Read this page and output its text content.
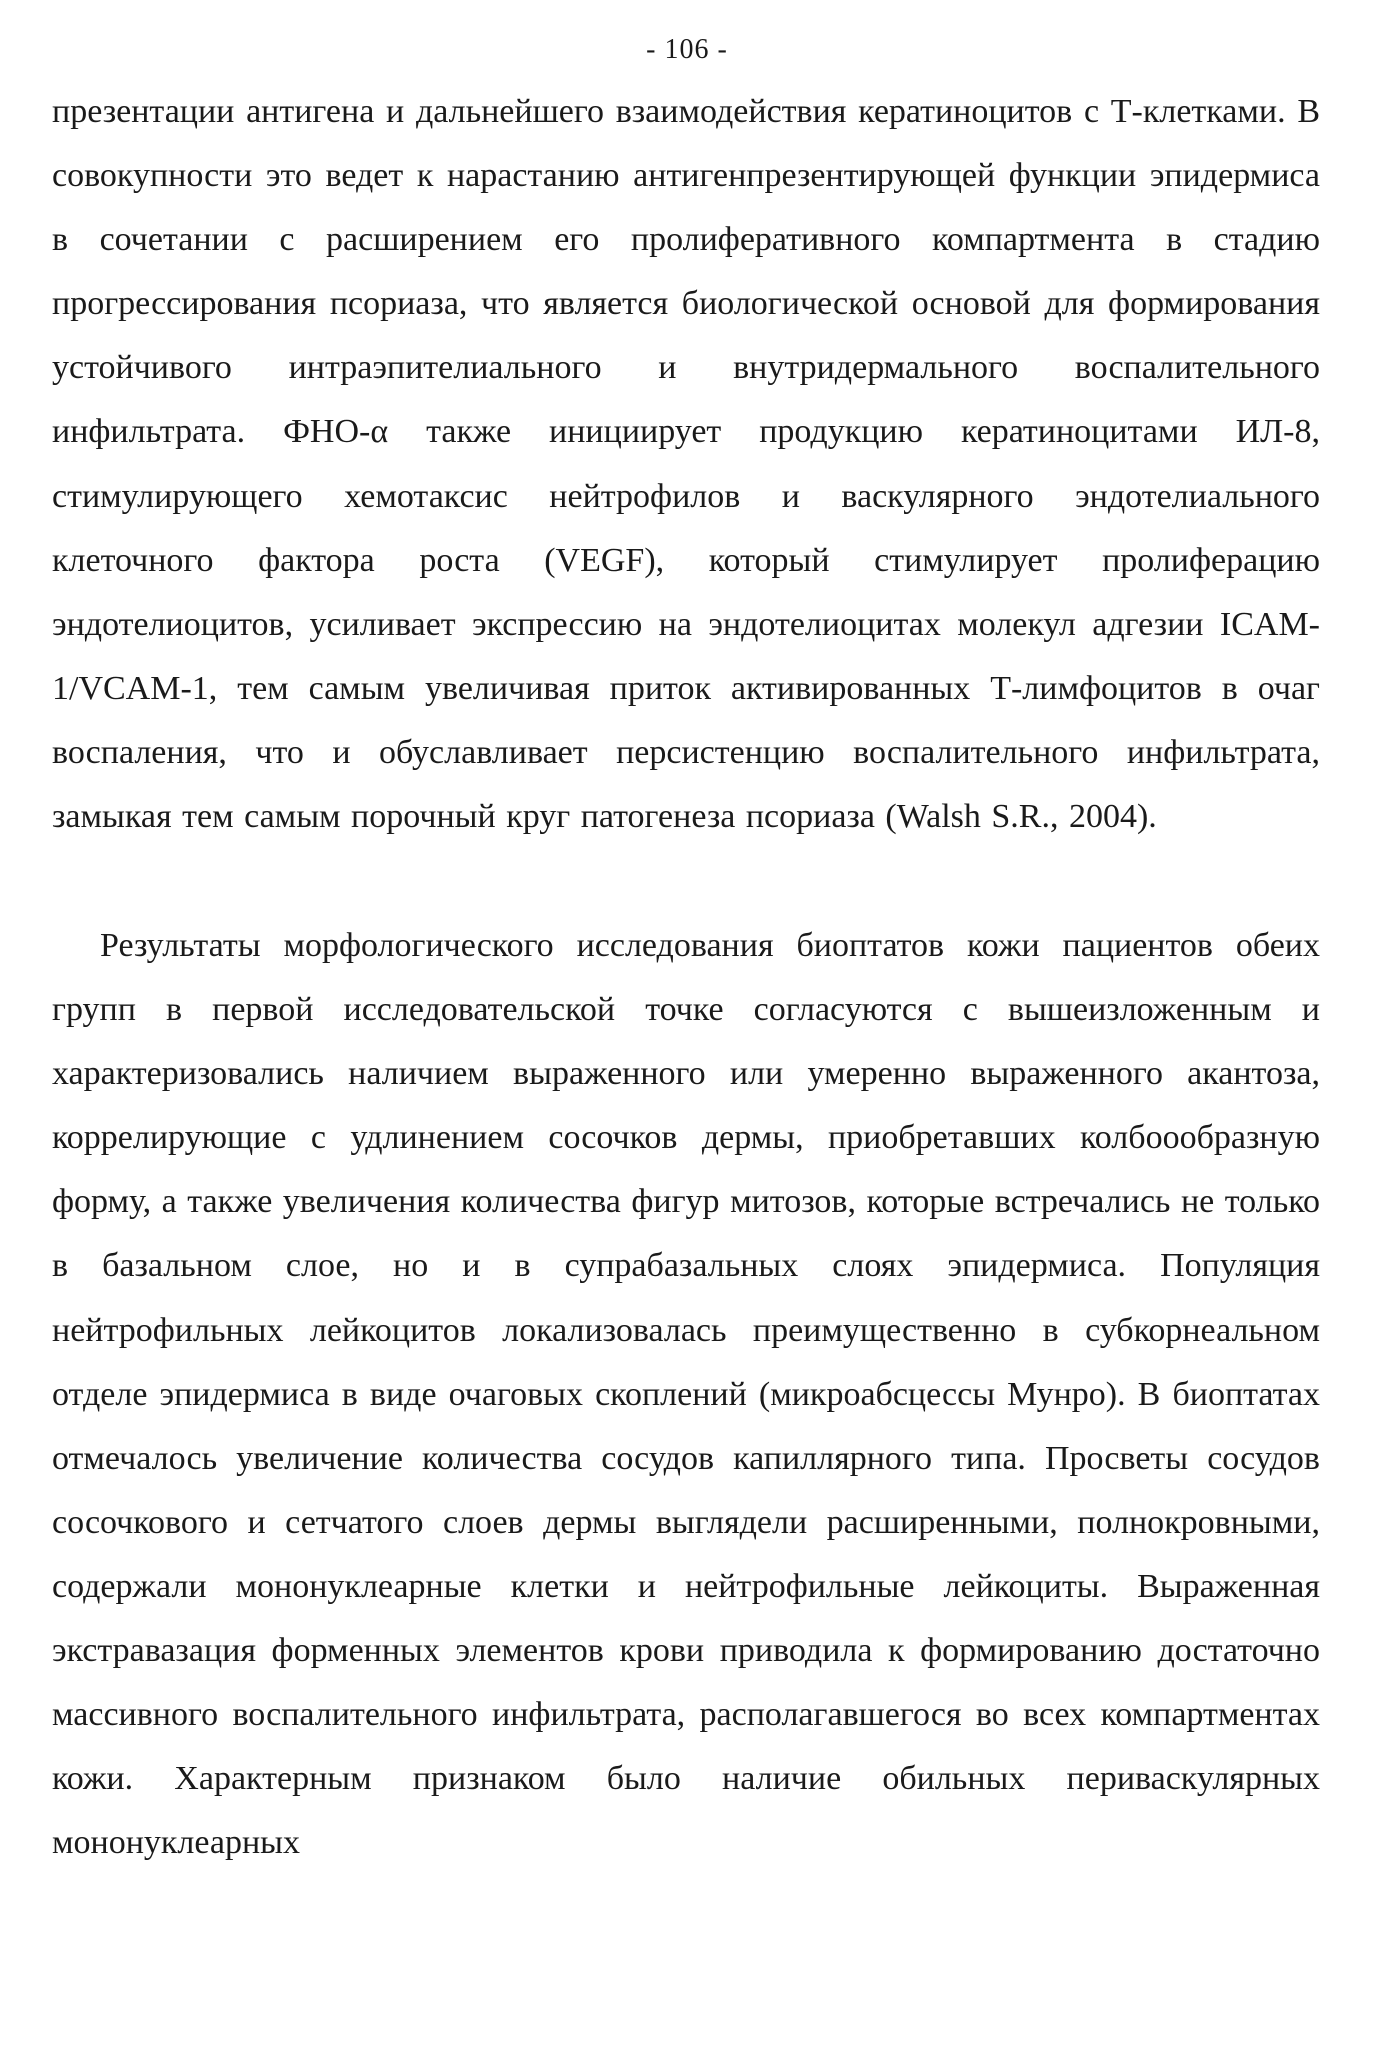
- 106 -

презентации антигена и дальнейшего взаимодействия кератиноцитов с Т-клетками. В совокупности это ведет к нарастанию антигенпрезентирующей функции эпидермиса в сочетании с расширением его пролиферативного компартмента в стадию прогрессирования псориаза, что является биологической основой для формирования устойчивого интраэпителиального и внутридермального воспалительного инфильтрата. ФНО-α также инициирует продукцию кератиноцитами ИЛ-8, стимулирующего хемотаксис нейтрофилов и васкулярного эндотелиального клеточного фактора роста (VEGF), который стимулирует пролиферацию эндотелиоцитов, усиливает экспрессию на эндотелиоцитах молекул адгезии ICAM-1/VCAM-1, тем самым увеличивая приток активированных Т-лимфоцитов в очаг воспаления, что и обуславливает персистенцию воспалительного инфильтрата, замыкая тем самым порочный круг патогенеза псориаза (Walsh S.R., 2004).

Результаты морфологического исследования биоптатов кожи пациентов обеих групп в первой исследовательской точке согласуются с вышеизложенным и характеризовались наличием выраженного или умеренно выраженного акантоза, коррелирующие с удлинением сосочков дермы, приобретавших колбоообразную форму, а также увеличения количества фигур митозов, которые встречались не только в базальном слое, но и в супрабазальных слоях эпидермиса. Популяция нейтрофильных лейкоцитов локализовалась преимущественно в субкорнеальном отделе эпидермиса в виде очаговых скоплений (микроабсцессы Мунро). В биоптатах отмечалось увеличение количества сосудов капиллярного типа. Просветы сосудов сосочкового и сетчатого слоев дермы выглядели расширенными, полнокровными, содержали мононуклеарные клетки и нейтрофильные лейкоциты. Выраженная экстравазация форменных элементов крови приводила к формированию достаточно массивного воспалительного инфильтрата, располагавшегося во всех компартментах кожи. Характерным признаком было наличие обильных периваскулярных мононуклеарных
